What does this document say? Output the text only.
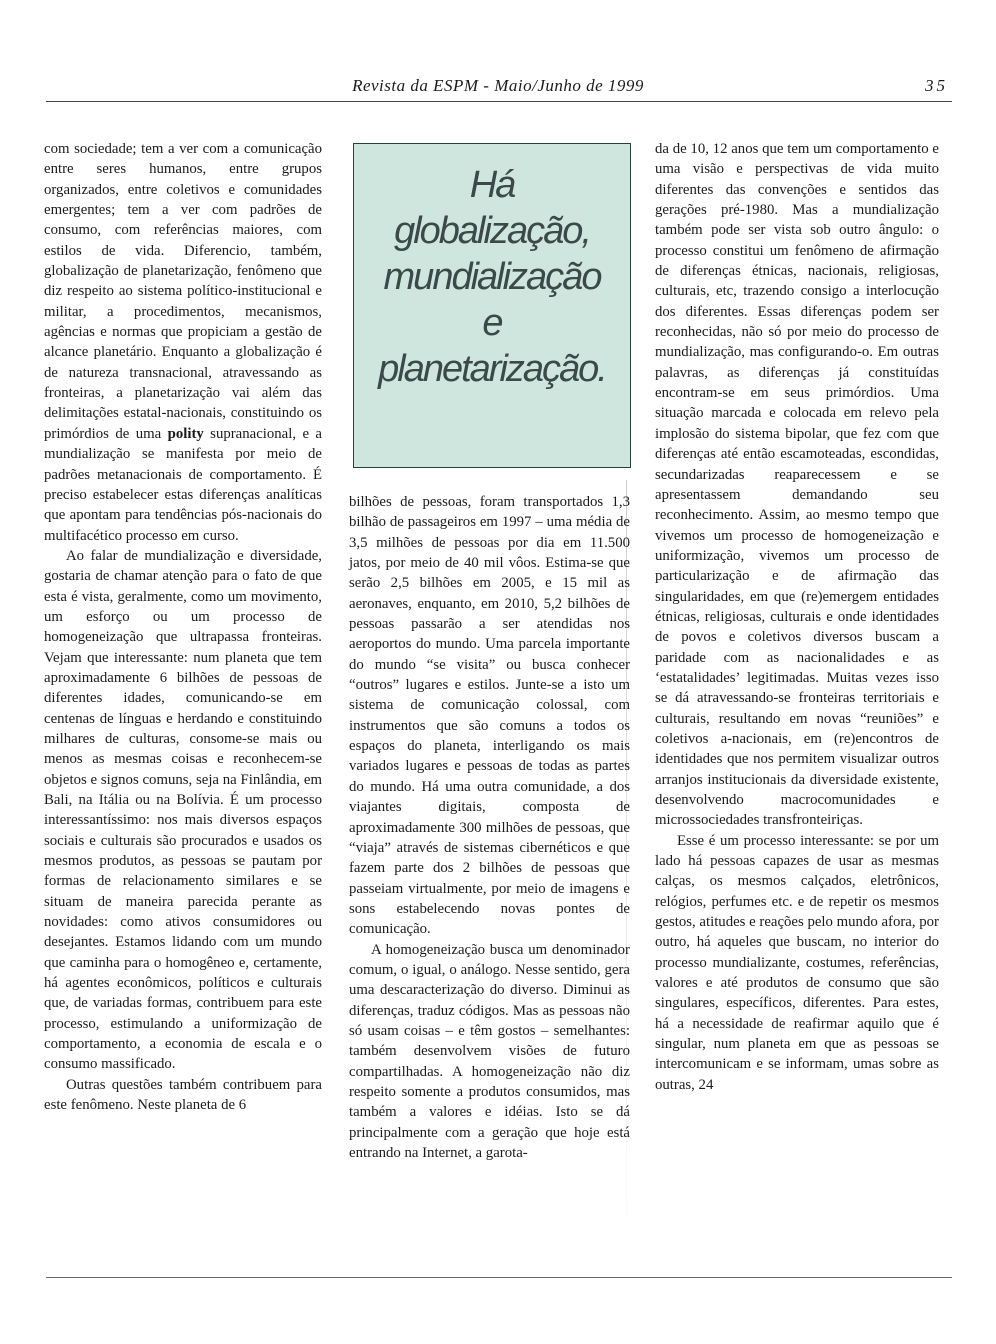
Revista da ESPM - Maio/Junho de 1999	35

com sociedade; tem a ver com a comunicação entre seres humanos, entre grupos organizados, entre coletivos e comunidades emergentes; tem a ver com padrões de consumo, com referências maiores, com estilos de vida. Diferencio, também, globalização de planetarização, fenômeno que diz respeito ao sistema político-institucional e militar, a procedimentos, mecanismos, agências e normas que propiciam a gestão de alcance planetário. Enquanto a globalização é de natureza transnacional, atravessando as fronteiras, a planetarização vai além das delimitações estatal-nacionais, constituindo os primórdios de uma polity supranacional, e a mundialização se manifesta por meio de padrões metanacionais de comportamento. É preciso estabelecer estas diferenças analíticas que apontam para tendências pós-nacionais do multifacético processo em curso.

Ao falar de mundialização e diversidade, gostaria de chamar atenção para o fato de que esta é vista, geralmente, como um movimento, um esforço ou um processo de homogeneização que ultrapassa fronteiras. Vejam que interessante: num planeta que tem aproximadamente 6 bilhões de pessoas de diferentes idades, comunicando-se em centenas de línguas e herdando e constituindo milhares de culturas, consome-se mais ou menos as mesmas coisas e reconhecem-se objetos e signos comuns, seja na Finlândia, em Bali, na Itália ou na Bolívia. É um processo interessantíssimo: nos mais diversos espaços sociais e culturais são procurados e usados os mesmos produtos, as pessoas se pautam por formas de relacionamento similares e se situam de maneira parecida perante as novidades: como ativos consumidores ou desejantes. Estamos lidando com um mundo que caminha para o homogêneo e, certamente, há agentes econômicos, políticos e culturais que, de variadas formas, contribuem para este processo, estimulando a uniformização de comportamento, a economia de escala e o consumo massificado.

Outras questões também contribuem para este fenômeno. Neste planeta de 6

Há
globalização,
mundialização
e
planetarização.

bilhões de pessoas, foram transportados 1,3 bilhão de passageiros em 1997 – uma média de 3,5 milhões de pessoas por dia em 11.500 jatos, por meio de 40 mil vôos. Estima-se que serão 2,5 bilhões em 2005, e 15 mil as aeronaves, enquanto, em 2010, 5,2 bilhões de pessoas passarão a ser atendidas nos aeroportos do mundo. Uma parcela importante do mundo “se visita” ou busca conhecer “outros” lugares e estilos. Junte-se a isto um sistema de comunicação colossal, com instrumentos que são comuns a todos os espaços do planeta, interligando os mais variados lugares e pessoas de todas as partes do mundo. Há uma outra comunidade, a dos viajantes digitais, composta de aproximadamente 300 milhões de pessoas, que “viaja” através de sistemas cibernéticos e que fazem parte dos 2 bilhões de pessoas que passeiam virtualmente, por meio de imagens e sons estabelecendo novas pontes de comunicação.

A homogeneização busca um denominador comum, o igual, o análogo. Nesse sentido, gera uma descaracterização do diverso. Diminui as diferenças, traduz códigos. Mas as pessoas não só usam coisas – e têm gostos – semelhantes: também desenvolvem visões de futuro compartilhadas. A homogeneização não diz respeito somente a produtos consumidos, mas também a valores e idéias. Isto se dá principalmente com a geração que hoje está entrando na Internet, a garota-

da de 10, 12 anos que tem um comportamento e uma visão e perspectivas de vida muito diferentes das convenções e sentidos das gerações pré-1980. Mas a mundialização também pode ser vista sob outro ângulo: o processo constitui um fenômeno de afirmação de diferenças étnicas, nacionais, religiosas, culturais, etc, trazendo consigo a interlocução dos diferentes. Essas diferenças podem ser reconhecidas, não só por meio do processo de mundialização, mas configurando-o. Em outras palavras, as diferenças já constituídas encontram-se em seus primórdios. Uma situação marcada e colocada em relevo pela implosão do sistema bipolar, que fez com que diferenças até então escamoteadas, escondidas, secundarizadas reaparecessem e se apresentassem demandando seu reconhecimento. Assim, ao mesmo tempo que vivemos um processo de homogeneização e uniformização, vivemos um processo de particularização e de afirmação das singularidades, em que (re)emergem entidades étnicas, religiosas, culturais e onde identidades de povos e coletivos diversos buscam a paridade com as nacionalidades e as ‘estatalidades’ legitimadas. Muitas vezes isso se dá atravessando-se fronteiras territoriais e culturais, resultando em novas “reuniões” e coletivos a-nacionais, em (re)encontros de identidades que nos permitem visualizar outros arranjos institucionais da diversidade existente, desenvolvendo macrocomunidades e microssociedades transfronteiriças.

Esse é um processo interessante: se por um lado há pessoas capazes de usar as mesmas calças, os mesmos calçados, eletrônicos, relógios, perfumes etc. e de repetir os mesmos gestos, atitudes e reações pelo mundo afora, por outro, há aqueles que buscam, no interior do processo mundializante, costumes, referências, valores e até produtos de consumo que são singulares, específicos, diferentes. Para estes, há a necessidade de reafirmar aquilo que é singular, num planeta em que as pessoas se intercomunicam e se informam, umas sobre as outras, 24
